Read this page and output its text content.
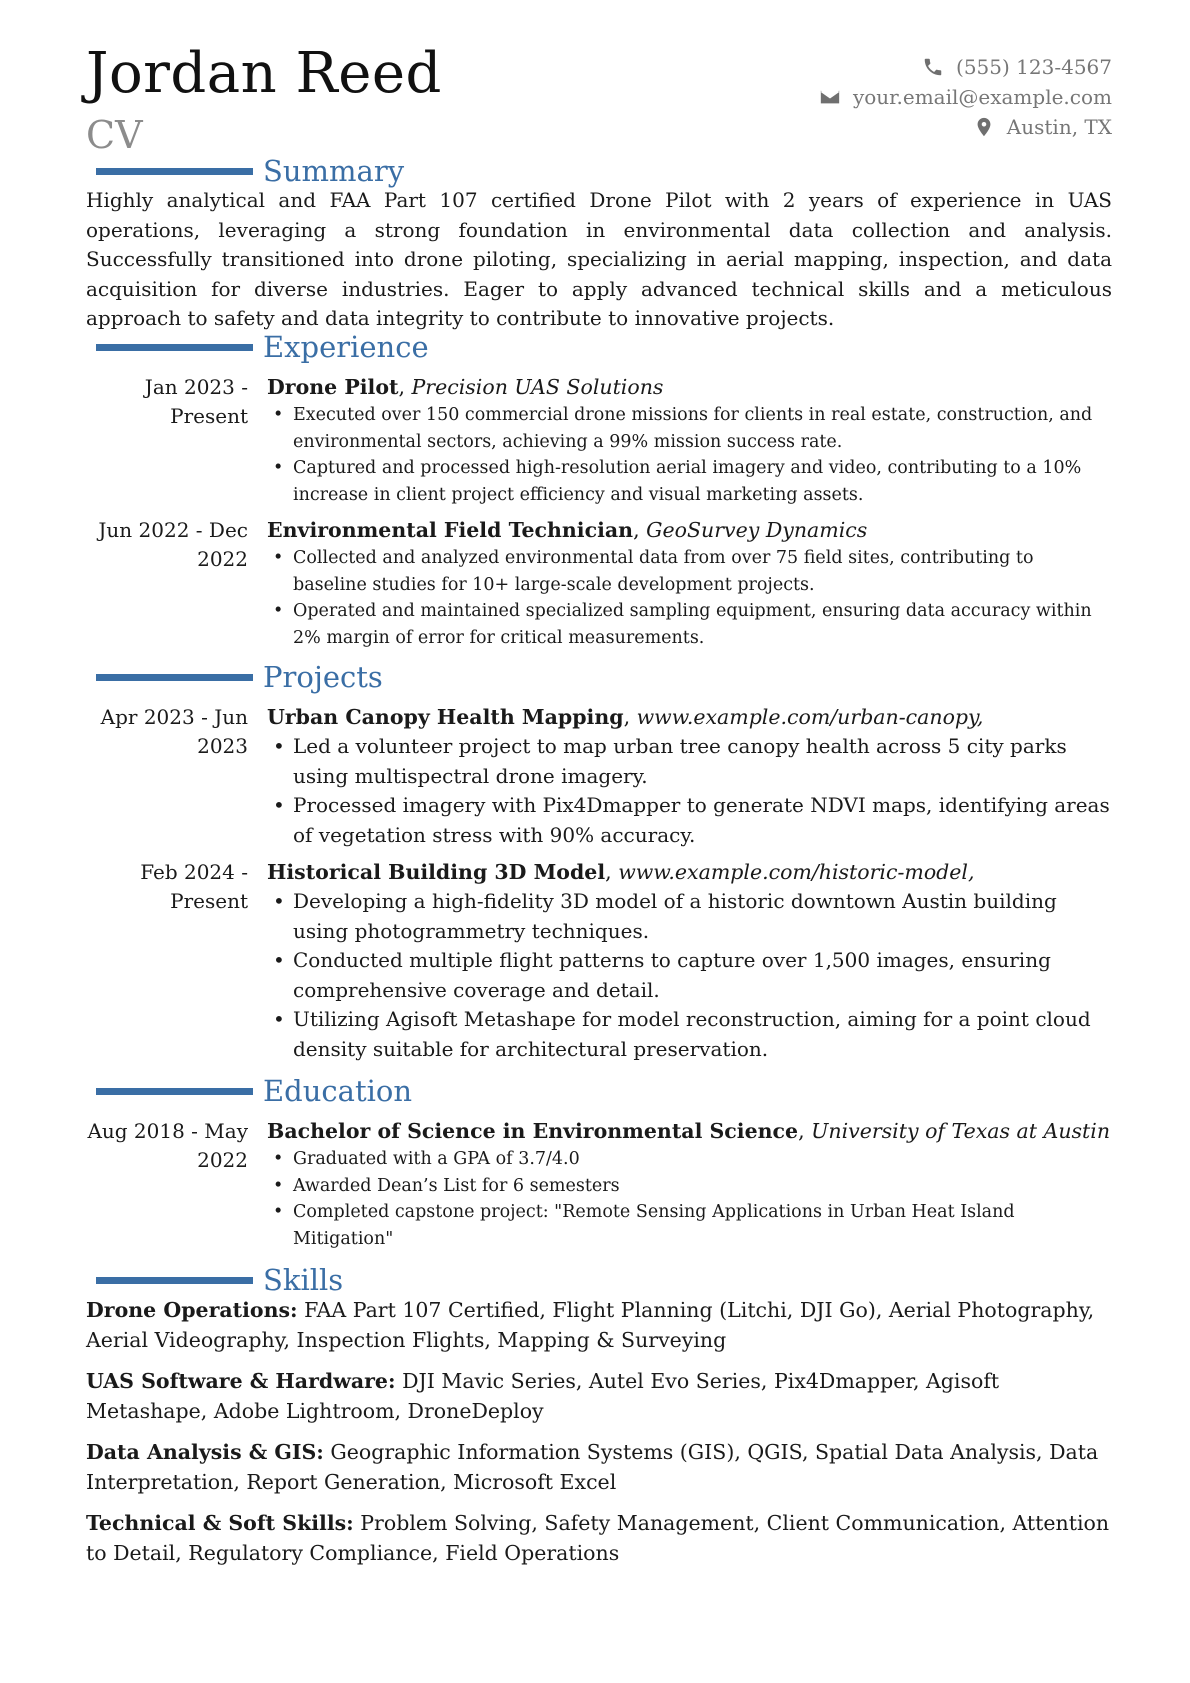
Jordan Reed
CV
(555) 123-4567
your.email@example.com
Austin, TX
Summary
Highly analytical and FAA Part 107 certified Drone Pilot with 2 years of experience in UAS operations, leveraging a strong foundation in environmental data collection and analysis. Successfully transitioned into drone piloting, specializing in aerial mapping, inspection, and data acquisition for diverse industries. Eager to apply advanced technical skills and a meticulous approach to safety and data integrity to contribute to innovative projects.
Experience
Jan 2023 - Present
Drone Pilot, Precision UAS Solutions
• Executed over 150 commercial drone missions for clients in real estate, construction, and environmental sectors, achieving a 99% mission success rate.
• Captured and processed high-resolution aerial imagery and video, contributing to a 10% increase in client project efficiency and visual marketing assets.
Jun 2022 - Dec 2022
Environmental Field Technician, GeoSurvey Dynamics
• Collected and analyzed environmental data from over 75 field sites, contributing to baseline studies for 10+ large-scale development projects.
• Operated and maintained specialized sampling equipment, ensuring data accuracy within 2% margin of error for critical measurements.
Projects
Apr 2023 - Jun 2023
Urban Canopy Health Mapping, www.example.com/urban-canopy,
• Led a volunteer project to map urban tree canopy health across 5 city parks using multispectral drone imagery.
• Processed imagery with Pix4Dmapper to generate NDVI maps, identifying areas of vegetation stress with 90% accuracy.
Feb 2024 - Present
Historical Building 3D Model, www.example.com/historic-model,
• Developing a high-fidelity 3D model of a historic downtown Austin building using photogrammetry techniques.
• Conducted multiple flight patterns to capture over 1,500 images, ensuring comprehensive coverage and detail.
• Utilizing Agisoft Metashape for model reconstruction, aiming for a point cloud density suitable for architectural preservation.
Education
Aug 2018 - May 2022
Bachelor of Science in Environmental Science, University of Texas at Austin
• Graduated with a GPA of 3.7/4.0
• Awarded Dean’s List for 6 semesters
• Completed capstone project: "Remote Sensing Applications in Urban Heat Island Mitigation"
Skills
Drone Operations: FAA Part 107 Certified, Flight Planning (Litchi, DJI Go), Aerial Photography, Aerial Videography, Inspection Flights, Mapping & Surveying
UAS Software & Hardware: DJI Mavic Series, Autel Evo Series, Pix4Dmapper, Agisoft Metashape, Adobe Lightroom, DroneDeploy
Data Analysis & GIS: Geographic Information Systems (GIS), QGIS, Spatial Data Analysis, Data Interpretation, Report Generation, Microsoft Excel
Technical & Soft Skills: Problem Solving, Safety Management, Client Communication, Attention to Detail, Regulatory Compliance, Field Operations
